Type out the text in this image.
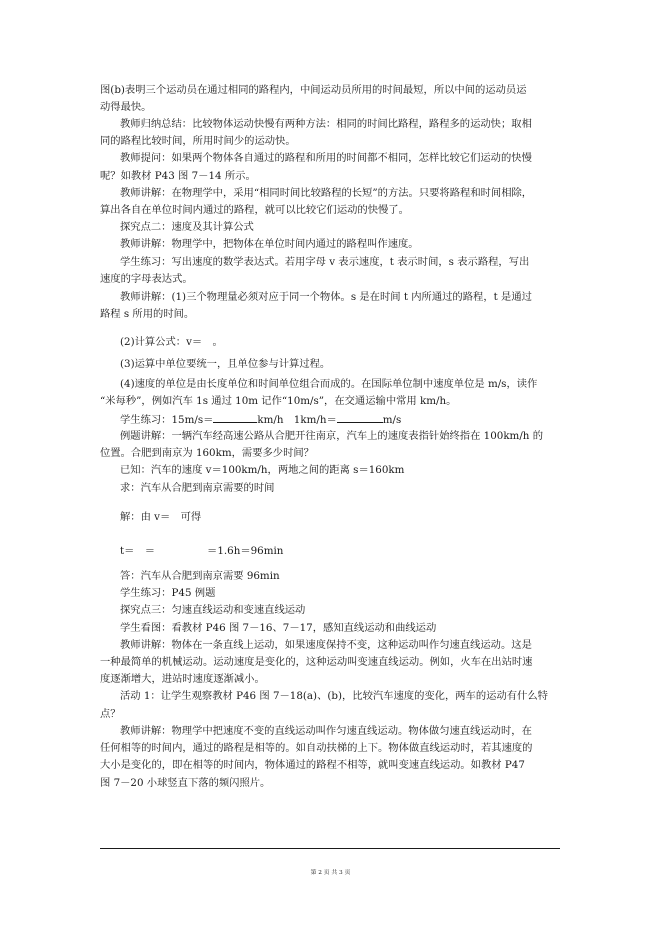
图(b)表明三个运动员在通过相同的路程内，中间运动员所用的时间最短，所以中间的运动员运
动得最快。
教师归纳总结：比较物体运动快慢有两种方法：相同的时间比路程，路程多的运动快；取相
同的路程比较时间，所用时间少的运动快。
教师提问：如果两个物体各自通过的路程和所用的时间都不相同，怎样比较它们运动的快慢
呢？如教材 P43 图 7－14 所示。
教师讲解：在物理学中，采用“相同时间比较路程的长短”的方法。只要将路程和时间相除，
算出各自在单位时间内通过的路程，就可以比较它们运动的快慢了。
探究点二：速度及其计算公式
教师讲解：物理学中，把物体在单位时间内通过的路程叫作速度。
学生练习：写出速度的数学表达式。若用字母 v 表示速度，t 表示时间，s 表示路程，写出
速度的字母表达式。
教师讲解：(1)三个物理量必须对应于同一个物体。s 是在时间 t 内所通过的路程，t 是通过
路程 s 所用的时间。
(2)计算公式：v＝　。
(3)运算中单位要统一，且单位参与计算过程。
(4)速度的单位是由长度单位和时间单位组合而成的。在国际单位制中速度单位是 m/s，读作
“米每秒”，例如汽车 1s 通过 10m 记作“10m/s”，在交通运输中常用 km/h。
学生练习：15m/s＝	km/h　1km/h＝	m/s
例题讲解：一辆汽车经高速公路从合肥开往南京，汽车上的速度表指针始终指在 100km/h 的
位置。合肥到南京为 160km，需要多少时间？
已知：汽车的速度 v＝100km/h，两地之间的距离 s＝160km
求：汽车从合肥到南京需要的时间
解：由 v＝　可得
t＝　＝	＝1.6h＝96min
答：汽车从合肥到南京需要 96min
学生练习：P45 例题
探究点三：匀速直线运动和变速直线运动
学生看图：看教材 P46 图 7－16、7－17，感知直线运动和曲线运动
教师讲解：物体在一条直线上运动，如果速度保持不变，这种运动叫作匀速直线运动。这是
一种最简单的机械运动。运动速度是变化的，这种运动叫变速直线运动。例如，火车在出站时速
度逐渐增大，进站时速度逐渐减小。
活动 1：让学生观察教材 P46 图 7－18(a)、(b)，比较汽车速度的变化，两车的运动有什么特
点？
教师讲解：物理学中把速度不变的直线运动叫作匀速直线运动。物体做匀速直线运动时，在
任何相等的时间内，通过的路程是相等的。如自动扶梯的上下。物体做直线运动时，若其速度的
大小是变化的，即在相等的时间内，物体通过的路程不相等，就叫变速直线运动。如教材 P47
图 7－20 小球竖直下落的频闪照片。
第 2 页 共 3 页
